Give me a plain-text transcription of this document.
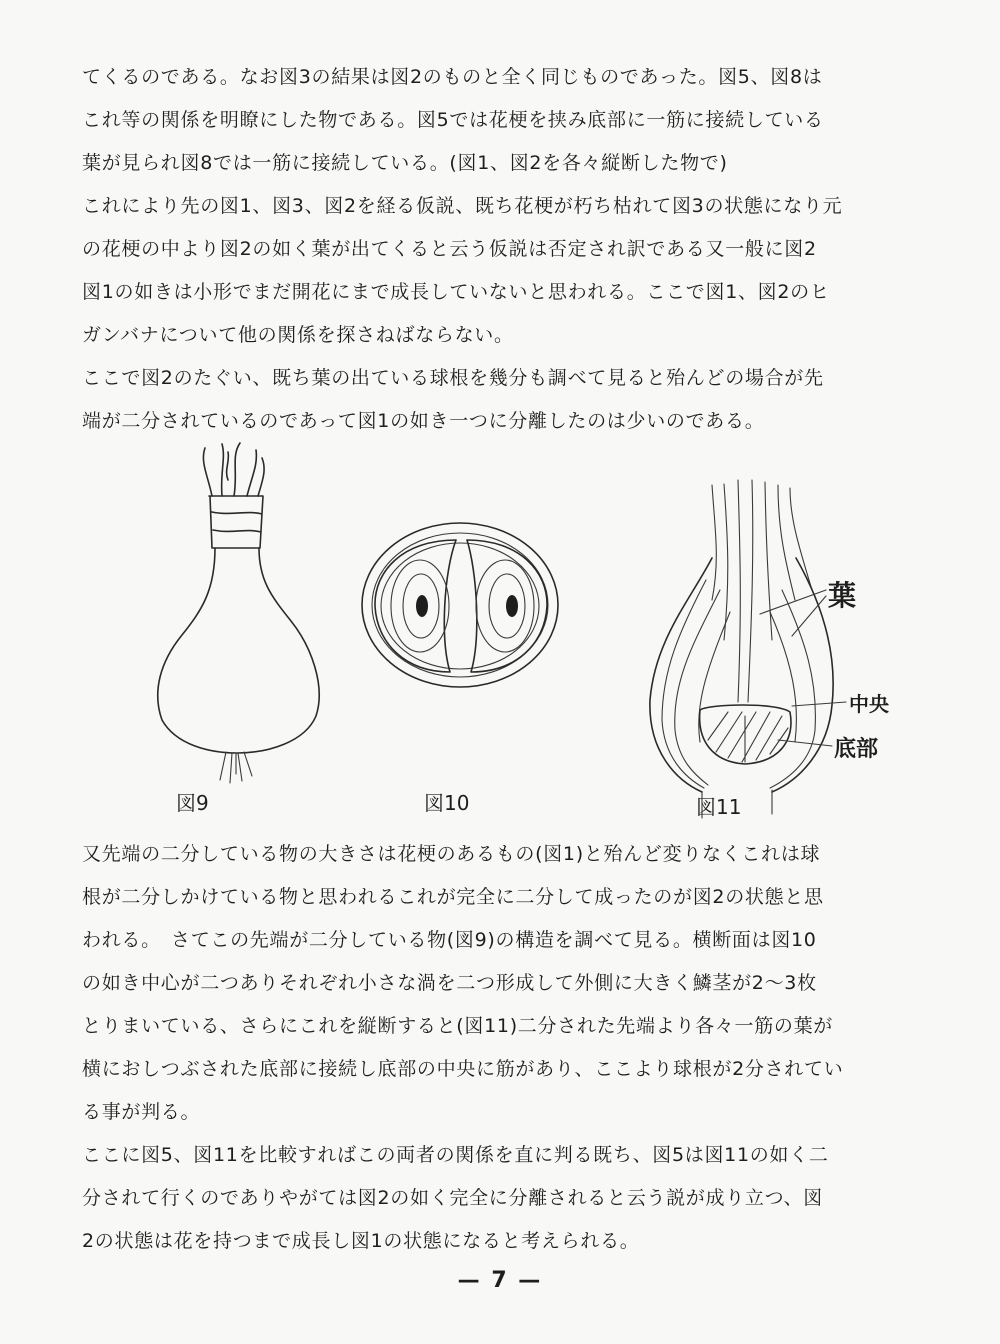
てくるのである。なお図3の結果は図2のものと全く同じものであった。図5、図8は
これ等の関係を明瞭にした物である。図5では花梗を挟み底部に一筋に接続している
葉が見られ図8では一筋に接続している。(図1、図2を各々縦断した物で)
これにより先の図1、図3、図2を経る仮説、既ち花梗が朽ち枯れて図3の状態になり元
の花梗の中より図2の如く葉が出てくると云う仮説は否定され訳である又一般に図2
図1の如きは小形でまだ開花にまで成長していないと思われる。ここで図1、図2のヒ
ガンバナについて他の関係を探さねばならない。
ここで図2のたぐい、既ち葉の出ている球根を幾分も調べて見ると殆んどの場合が先
端が二分されているのであって図1の如き一つに分離したのは少いのである。
図9	図10
葉
中央
底部
図11
又先端の二分している物の大きさは花梗のあるもの(図1)と殆んど変りなくこれは球
根が二分しかけている物と思われるこれが完全に二分して成ったのが図2の状態と思
われる。　さてこの先端が二分している物(図9)の構造を調べて見る。横断面は図10
の如き中心が二つありそれぞれ小さな渦を二つ形成して外側に大きく鱗茎が2～3枚
とりまいている、さらにこれを縦断すると(図11)二分された先端より各々一筋の葉が
横におしつぶされた底部に接続し底部の中央に筋があり、ここより球根が2分されてい
る事が判る。
ここに図5、図11を比較すればこの両者の関係を直に判る既ち、図5は図11の如く二
分されて行くのでありやがては図2の如く完全に分離されると云う説が成り立つ、図
2の状態は花を持つまで成長し図1の状態になると考えられる。
— 7 —
